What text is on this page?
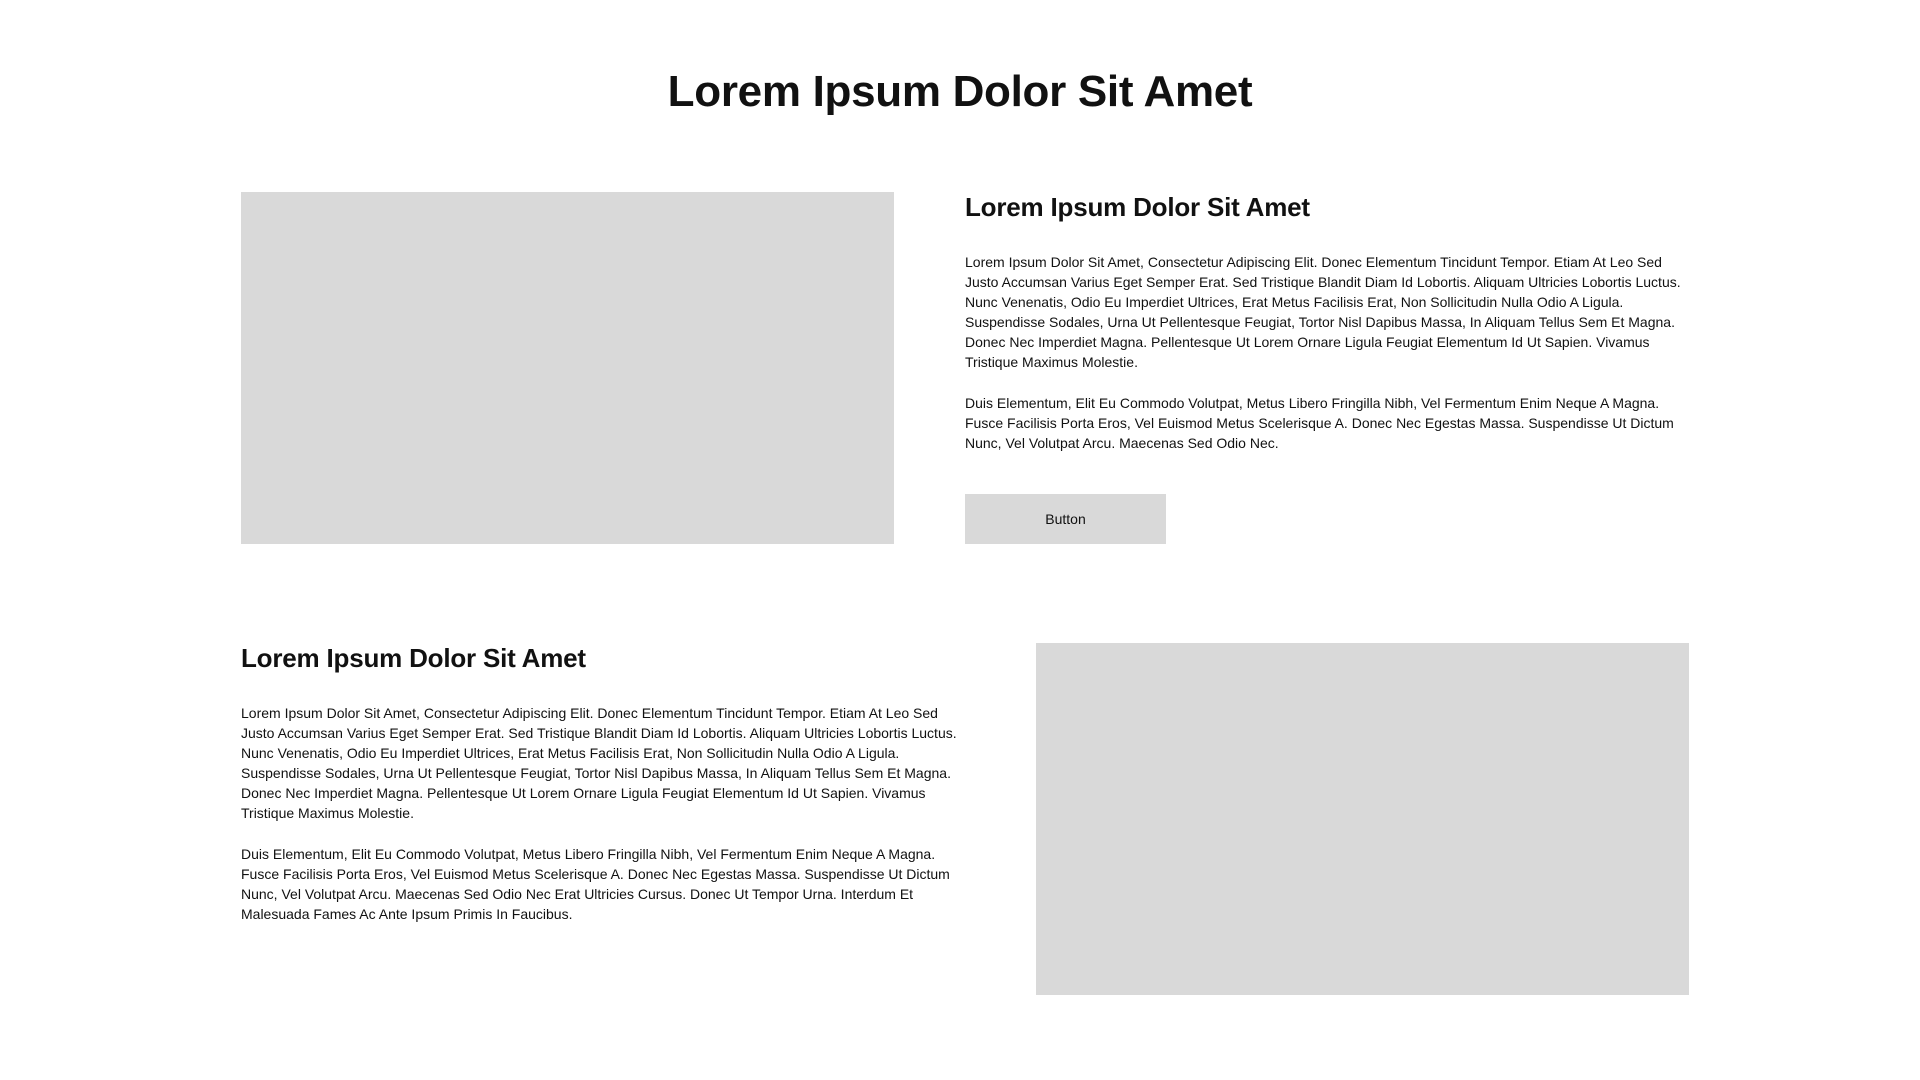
Lorem Ipsum Dolor Sit Amet
Lorem Ipsum Dolor Sit Amet

Lorem Ipsum Dolor Sit Amet, Consectetur Adipiscing Elit. Donec Elementum Tincidunt Tempor. Etiam At Leo Sed Justo Accumsan Varius Eget Semper Erat. Sed Tristique Blandit Diam Id Lobortis. Aliquam Ultricies Lobortis Luctus. Nunc Venenatis, Odio Eu Imperdiet Ultrices, Erat Metus Facilisis Erat, Non Sollicitudin Nulla Odio A Ligula. Suspendisse Sodales, Urna Ut Pellentesque Feugiat, Tortor Nisl Dapibus Massa, In Aliquam Tellus Sem Et Magna. Donec Nec Imperdiet Magna. Pellentesque Ut Lorem Ornare Ligula Feugiat Elementum Id Ut Sapien. Vivamus Tristique Maximus Molestie.

Duis Elementum, Elit Eu Commodo Volutpat, Metus Libero Fringilla Nibh, Vel Fermentum Enim Neque A Magna. Fusce Facilisis Porta Eros, Vel Euismod Metus Scelerisque A. Donec Nec Egestas Massa. Suspendisse Ut Dictum Nunc, Vel Volutpat Arcu. Maecenas Sed Odio Nec.

Button
Lorem Ipsum Dolor Sit Amet

Lorem Ipsum Dolor Sit Amet, Consectetur Adipiscing Elit. Donec Elementum Tincidunt Tempor. Etiam At Leo Sed Justo Accumsan Varius Eget Semper Erat. Sed Tristique Blandit Diam Id Lobortis. Aliquam Ultricies Lobortis Luctus. Nunc Venenatis, Odio Eu Imperdiet Ultrices, Erat Metus Facilisis Erat, Non Sollicitudin Nulla Odio A Ligula. Suspendisse Sodales, Urna Ut Pellentesque Feugiat, Tortor Nisl Dapibus Massa, In Aliquam Tellus Sem Et Magna. Donec Nec Imperdiet Magna. Pellentesque Ut Lorem Ornare Ligula Feugiat Elementum Id Ut Sapien. Vivamus Tristique Maximus Molestie.

Duis Elementum, Elit Eu Commodo Volutpat, Metus Libero Fringilla Nibh, Vel Fermentum Enim Neque A Magna. Fusce Facilisis Porta Eros, Vel Euismod Metus Scelerisque A. Donec Nec Egestas Massa. Suspendisse Ut Dictum Nunc, Vel Volutpat Arcu. Maecenas Sed Odio Nec Erat Ultricies Cursus. Donec Ut Tempor Urna. Interdum Et Malesuada Fames Ac Ante Ipsum Primis In Faucibus.
